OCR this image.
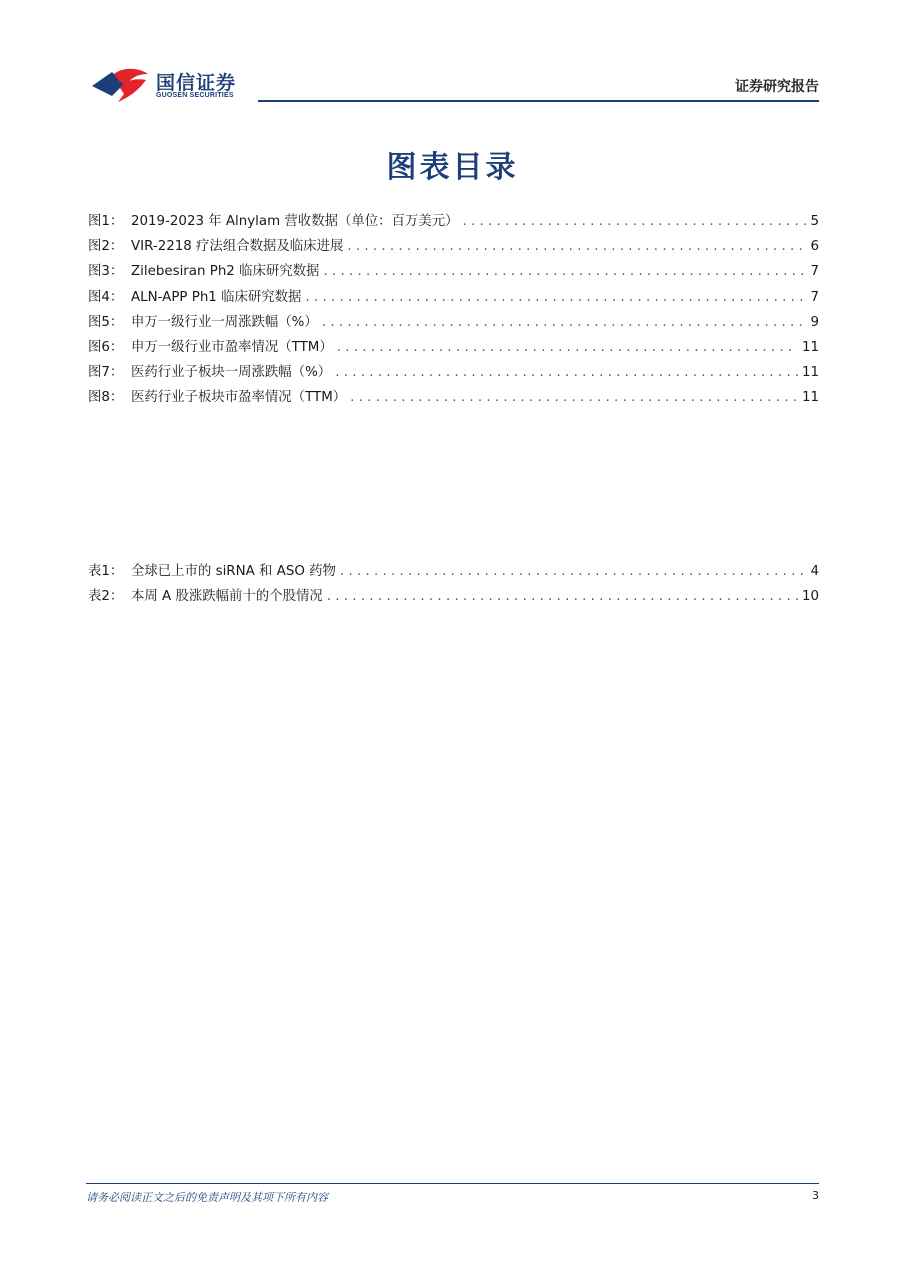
国信证券
GUOSEN SECURITIES
证券研究报告
图表目录
图1： 2019-2023 年 Alnylam 营收数据（单位：百万美元） . . .	5
图2： VIR-2218 疗法组合数据及临床进展 . . .	6
图3： Zilebesiran Ph2 临床研究数据 . . .	7
图4： ALN-APP Ph1 临床研究数据 . . .	7
图5： 申万一级行业一周涨跌幅（%） . . .	9
图6： 申万一级行业市盈率情况（TTM） . . .	11
图7： 医药行业子板块一周涨跌幅（%） . . .	11
图8： 医药行业子板块市盈率情况（TTM） . . .	11
表1： 全球已上市的 siRNA 和 ASO 药物 . . .	4
表2： 本周 A 股涨跌幅前十的个股情况 . . .	10
请务必阅读正文之后的免责声明及其项下所有内容	3
